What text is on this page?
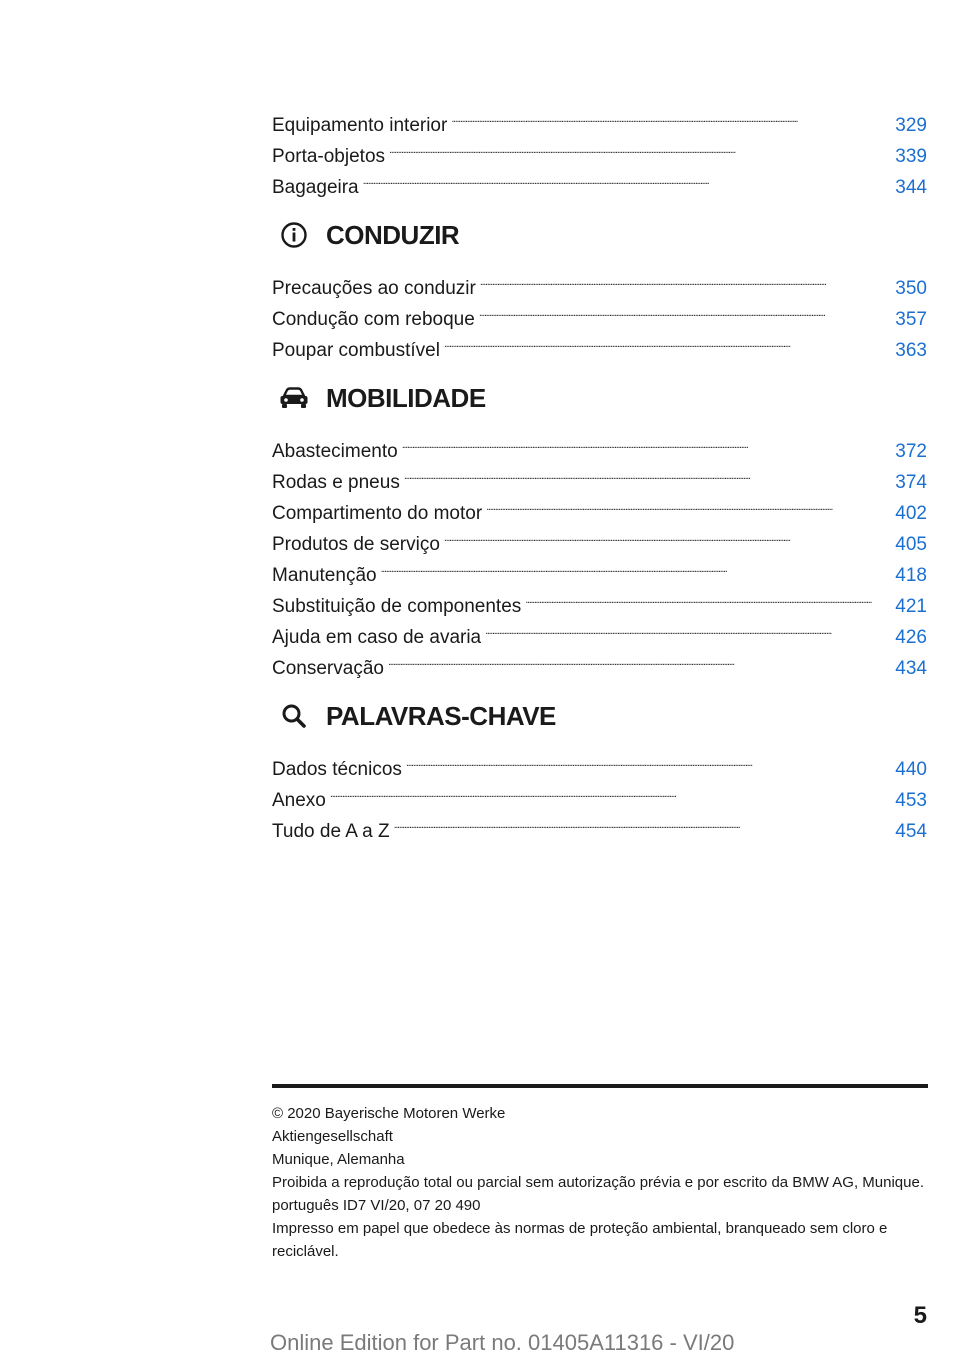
Equipamento interior . . .	329
Porta-objetos . . .	339
Bagageira . . .	344
CONDUZIR
Precauções ao conduzir . . .	350
Condução com reboque . . .	357
Poupar combustível . . .	363
MOBILIDADE
Abastecimento . . .	372
Rodas e pneus . . .	374
Compartimento do motor . . .	402
Produtos de serviço . . .	405
Manutenção . . .	418
Substituição de componentes . . .	421
Ajuda em caso de avaria . . .	426
Conservação . . .	434
PALAVRAS-CHAVE
Dados técnicos . . .	440
Anexo . . .	453
Tudo de A a Z . . .	454
© 2020 Bayerische Motoren Werke
Aktiengesellschaft
Munique, Alemanha
Proibida a reprodução total ou parcial sem autorização prévia e por escrito da BMW AG, Munique.
português ID7 VI/20, 07 20 490
Impresso em papel que obedece às normas de proteção ambiental, branqueado sem cloro e reciclável.
5
Online Edition for Part no. 01405A11316 - VI/20
